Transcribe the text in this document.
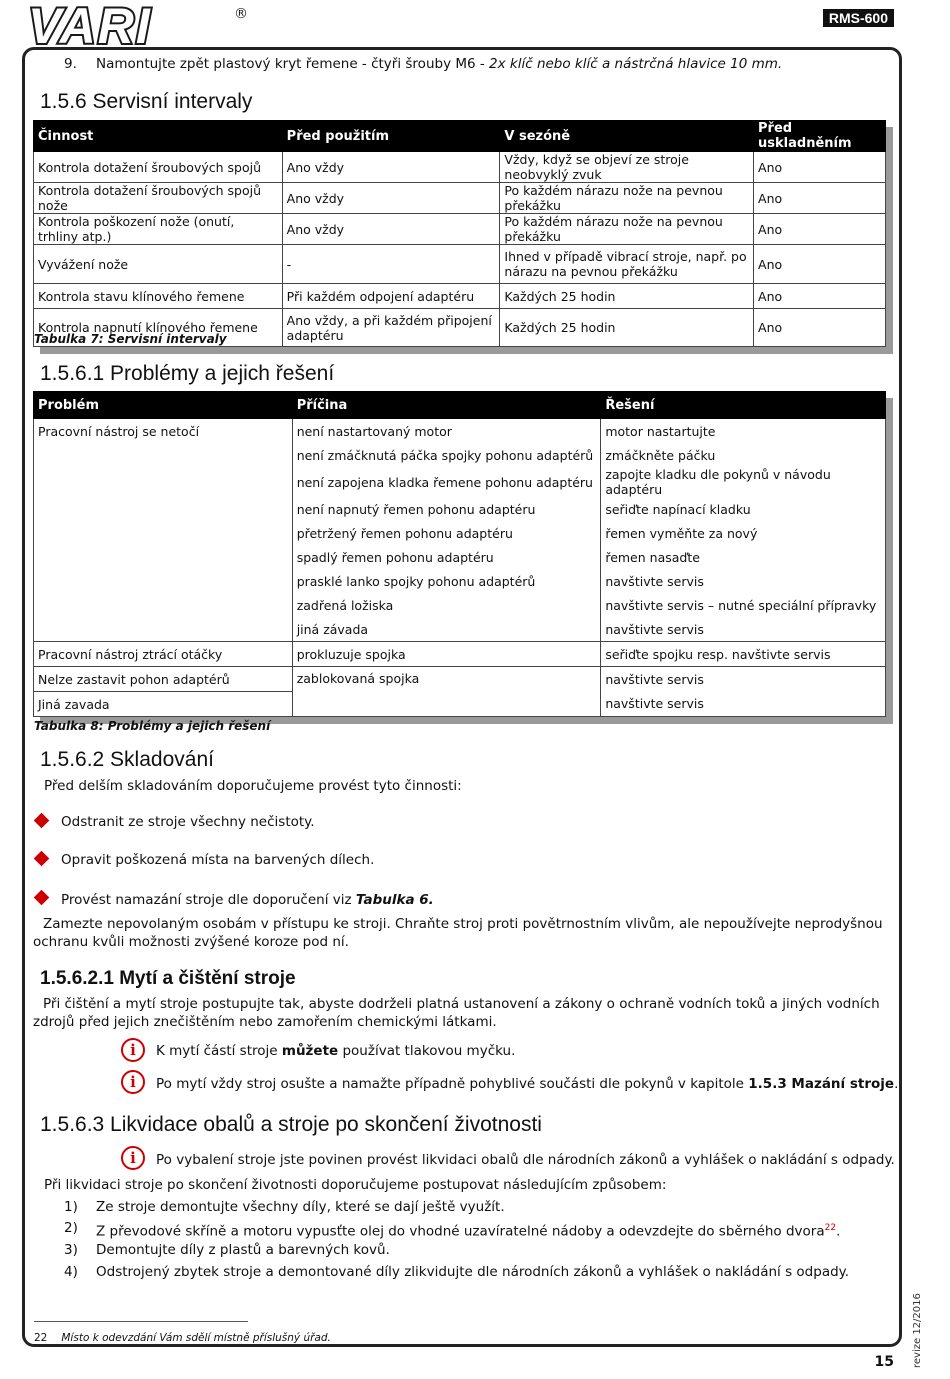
VARI	®	RMS-600
9. Namontujte zpět plastový kryt řemene - čtyři šrouby M6 - 2x klíč nebo klíč a nástrčná hlavice 10 mm.
1.5.6 Servisní intervaly
Činnost	Před použitím	V sezóně	Před uskladněním
Kontrola dotažení šroubových spojů	Ano vždy	Vždy, když se objeví ze stroje neobvyklý zvuk	Ano
Kontrola dotažení šroubových spojů nože	Ano vždy	Po každém nárazu nože na pevnou překážku	Ano
Kontrola poškození nože (onutí, trhliny atp.)	Ano vždy	Po každém nárazu nože na pevnou překážku	Ano
Vyvážení nože	-	Ihned v případě vibrací stroje, např. po nárazu na pevnou překážku	Ano
Kontrola stavu klínového řemene	Při každém odpojení adaptéru	Každých 25 hodin	Ano
Kontrola napnutí klínového řemene	Ano vždy, a při každém připojení adaptéru	Každých 25 hodin	Ano
Tabulka 7: Servisní intervaly
1.5.6.1 Problémy a jejich řešení
Problém	Příčina	Řešení
Pracovní nástroj se netočí	není nastartovaný motor	motor nastartujte
	není zmáčknutá páčka spojky pohonu adaptérů	zmáčkněte páčku
	není zapojena kladka řemene pohonu adaptéru	zapojte kladku dle pokynů v návodu adaptéru
	není napnutý řemen pohonu adaptéru	seřiďte napínací kladku
	přetržený řemen pohonu adaptéru	řemen vyměňte za nový
	spadlý řemen pohonu adaptéru	řemen nasaďte
	prasklé lanko spojky pohonu adaptérů	navštivte servis
	zadřená ložiska	navštivte servis – nutné speciální přípravky
	jiná závada	navštivte servis
Pracovní nástroj ztrácí otáčky	prokluzuje spojka	seřiďte spojku resp. navštivte servis
Nelze zastavit pohon adaptérů	zablokovaná spojka	navštivte servis
Jiná zavada		navštivte servis
Tabulka 8: Problémy a jejich řešení
1.5.6.2 Skladování
Před delším skladováním doporučujeme provést tyto činnosti:
Odstranit ze stroje všechny nečistoty.
Opravit poškozená místa na barvených dílech.
Provést namazání stroje dle doporučení viz Tabulka 6.
Zamezte nepovolaným osobám v přístupu ke stroji. Chraňte stroj proti povětrnostním vlivům, ale nepoužívejte neprodyšnou ochranu kvůli možnosti zvýšené koroze pod ní.
1.5.6.2.1 Mytí a čištění stroje
Při čištění a mytí stroje postupujte tak, abyste dodrželi platná ustanovení a zákony o ochraně vodních toků a jiných vodních zdrojů před jejich znečištěním nebo zamořením chemickými látkami.
i	K mytí částí stroje můžete používat tlakovou myčku.
i	Po mytí vždy stroj osušte a namažte případně pohyblivé součásti dle pokynů v kapitole 1.5.3 Mazání stroje.
1.5.6.3 Likvidace obalů a stroje po skončení životnosti
i	Po vybalení stroje jste povinen provést likvidaci obalů dle národních zákonů a vyhlášek o nakládání s odpady.
Při likvidaci stroje po skončení životnosti doporučujeme postupovat následujícím způsobem:
1) Ze stroje demontujte všechny díly, které se dají ještě využít.
2) Z převodové skříně a motoru vypusťte olej do vhodné uzavíratelné nádoby a odevzdejte do sběrného dvora$^{22}$.
3) Demontujte díly z plastů a barevných kovů.
4) Odstrojený zbytek stroje a demontované díly zlikvidujte dle národních zákonů a vyhlášek o nakládání s odpady.
22 Místo k odevzdání Vám sdělí místně příslušný úřad.	revize 12/2016
15
